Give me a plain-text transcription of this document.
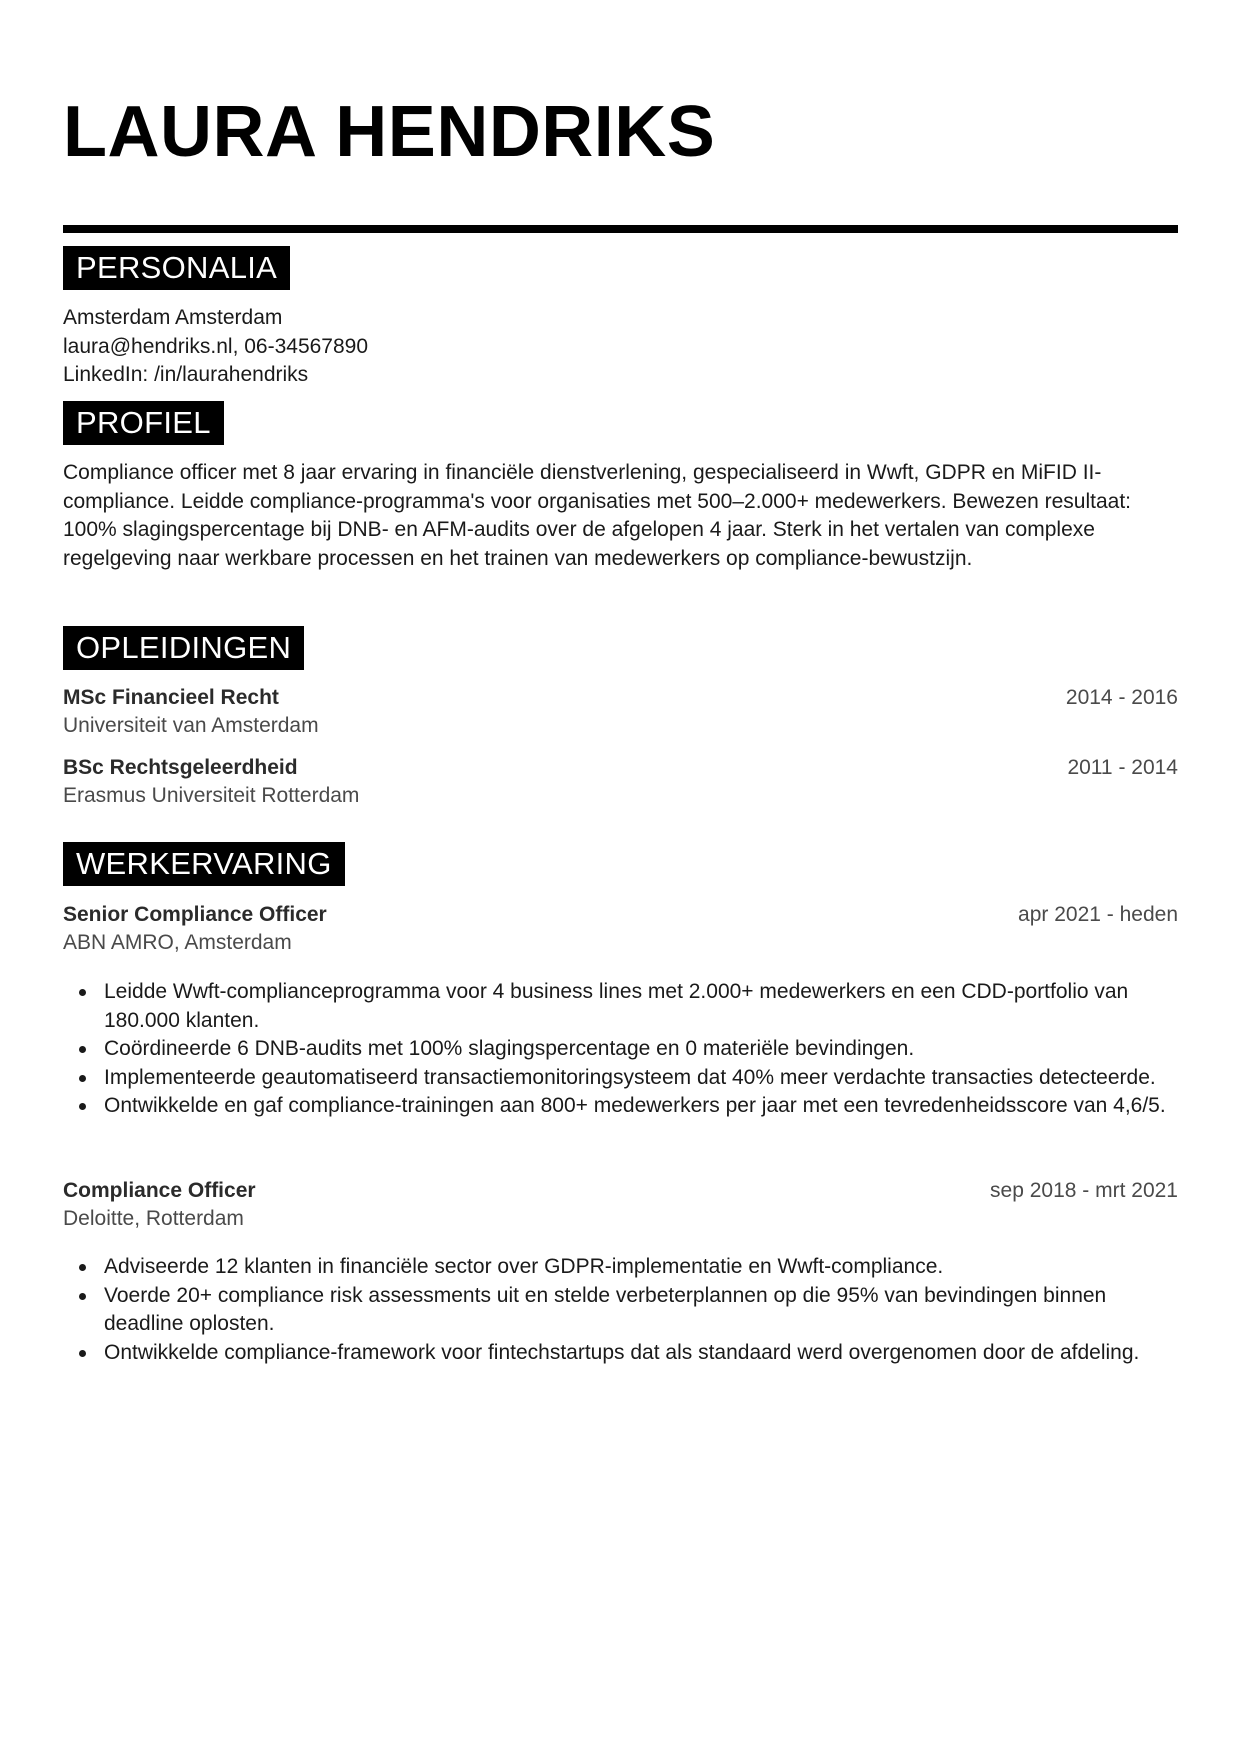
LAURA HENDRIKS
PERSONALIA
Amsterdam Amsterdam
laura@hendriks.nl, 06-34567890
LinkedIn: /in/laurahendriks
PROFIEL
Compliance officer met 8 jaar ervaring in financiële dienstverlening, gespecialiseerd in Wwft, GDPR en MiFID II-compliance. Leidde compliance-programma's voor organisaties met 500–2.000+ medewerkers. Bewezen resultaat: 100% slagingspercentage bij DNB- en AFM-audits over de afgelopen 4 jaar. Sterk in het vertalen van complexe regelgeving naar werkbare processen en het trainen van medewerkers op compliance-bewustzijn.
OPLEIDINGEN
MSc Financieel Recht	2014 - 2016
Universiteit van Amsterdam
BSc Rechtsgeleerdheid	2011 - 2014
Erasmus Universiteit Rotterdam
WERKERVARING
Senior Compliance Officer	apr 2021 - heden
ABN AMRO, Amsterdam
Leidde Wwft-complianceprogramma voor 4 business lines met 2.000+ medewerkers en een CDD-portfolio van 180.000 klanten.
Coördineerde 6 DNB-audits met 100% slagingspercentage en 0 materiële bevindingen.
Implementeerde geautomatiseerd transactiemonitoringsysteem dat 40% meer verdachte transacties detecteerde.
Ontwikkelde en gaf compliance-trainingen aan 800+ medewerkers per jaar met een tevredenheidsscore van 4,6/5.
Compliance Officer	sep 2018 - mrt 2021
Deloitte, Rotterdam
Adviseerde 12 klanten in financiële sector over GDPR-implementatie en Wwft-compliance.
Voerde 20+ compliance risk assessments uit en stelde verbeterplannen op die 95% van bevindingen binnen deadline oplosten.
Ontwikkelde compliance-framework voor fintechstartups dat als standaard werd overgenomen door de afdeling.
